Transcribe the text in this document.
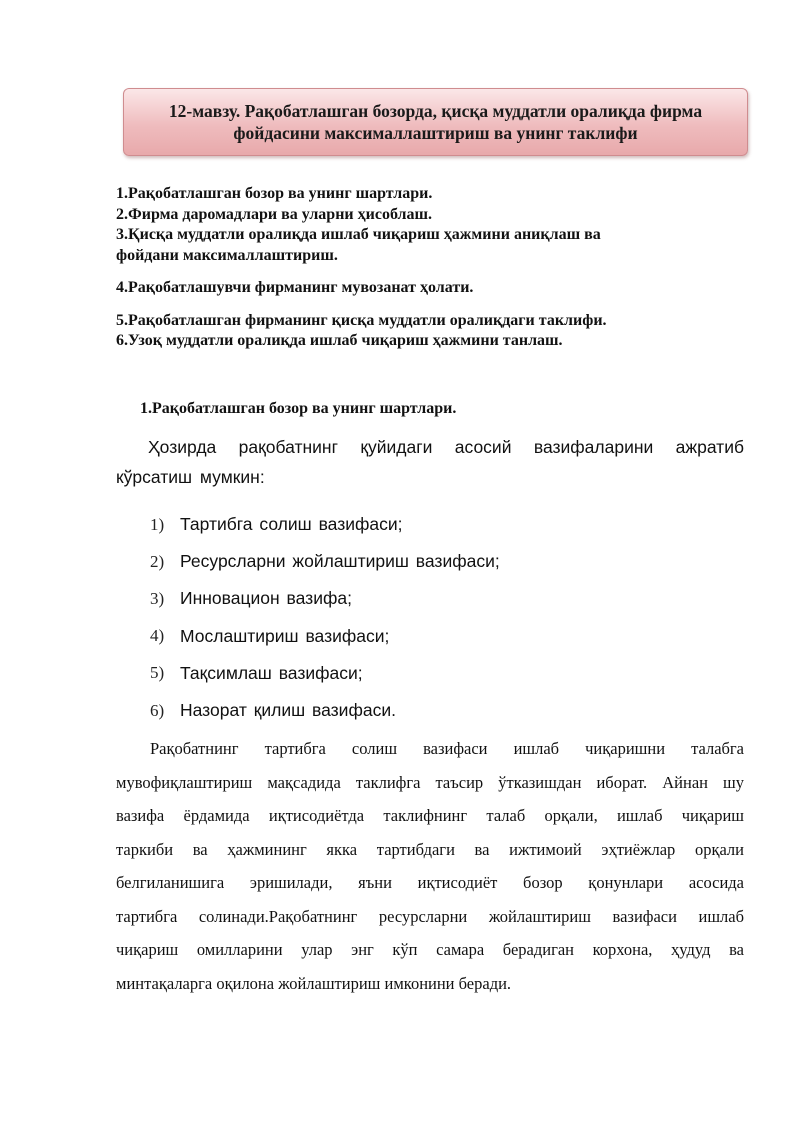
12-мавзу. Рақобатлашган бозорда, қисқа муддатли оралиқда фирма
фойдасини максималлаштириш ва унинг таклифи
1.Рақобатлашган бозор ва унинг шартлари.
2.Фирма даромадлари ва уларни ҳисоблаш.
3.Қисқа муддатли оралиқда ишлаб чиқариш ҳажмини аниқлаш ва
фойдани максималлаштириш.
4.Рақобатлашувчи фирманинг мувозанат ҳолати.
5.Рақобатлашган фирманинг қисқа муддатли оралиқдаги таклифи.
6.Узоқ муддатли оралиқда ишлаб чиқариш ҳажмини танлаш.
1.Рақобатлашган бозор ва унинг шартлари.
Ҳозирда рақобатнинг қуйидаги асосий вазифаларини ажратиб кўрсатиш мумкин:
1) Тартибга солиш вазифаси;
2) Ресурсларни жойлаштириш вазифаси;
3) Инновацион вазифа;
4) Мослаштириш вазифаси;
5) Тақсимлаш вазифаси;
6) Назорат қилиш вазифаси.
Рақобатнинг тартибга солиш вазифаси ишлаб чиқаришни талабга
мувофиқлаштириш мақсадида таклифга таъсир ўтказишдан иборат. Айнан шу
вазифа ёрдамида иқтисодиётда таклифнинг талаб орқали, ишлаб чиқариш
таркиби ва ҳажмининг якка тартибдаги ва ижтимоий эҳтиёжлар орқали
белгиланишига эришилади, яъни иқтисодиёт бозор қонунлари асосида
тартибга солинади.Рақобатнинг ресурсларни жойлаштириш вазифаси ишлаб
чиқариш омилларини улар энг кўп самара берадиган корхона, ҳудуд ва
минтақаларга оқилона жойлаштириш имконини беради.
